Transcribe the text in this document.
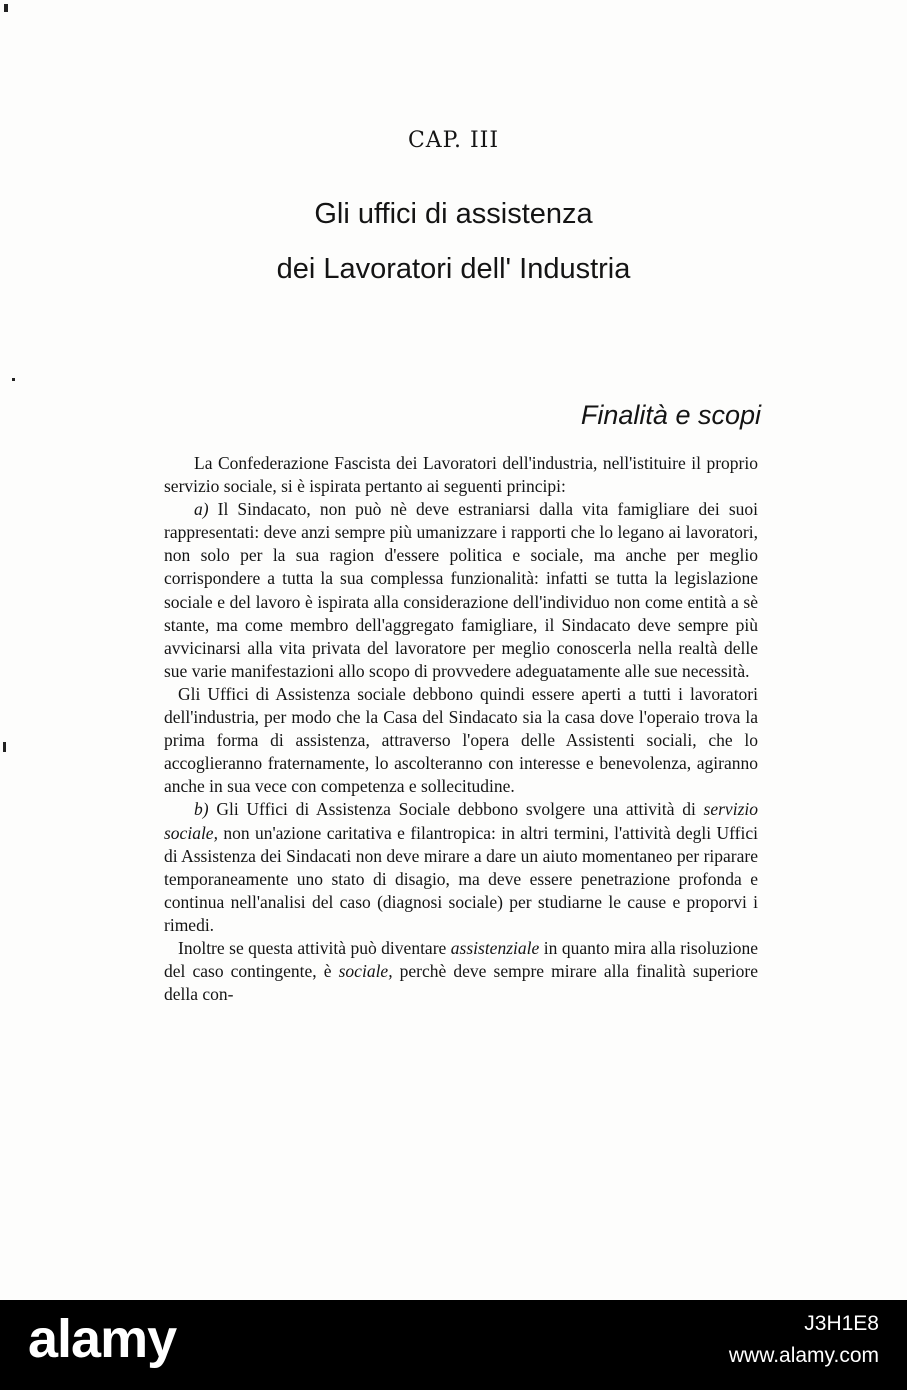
CAP. III
Gli uffici di assistenza
dei Lavoratori dell' Industria
Finalità e scopi

La Confederazione Fascista dei Lavoratori dell'industria, nell'istituire il proprio servizio sociale, si è ispirata pertanto ai seguenti principi:

a) Il Sindacato, non può nè deve estraniarsi dalla vita famigliare dei suoi rappresentati: deve anzi sempre più umanizzare i rapporti che lo legano ai lavoratori, non solo per la sua ragion d'essere politica e sociale, ma anche per meglio corrispondere a tutta la sua complessa funzionalità: infatti se tutta la legislazione sociale e del lavoro è ispirata alla considerazione dell'individuo non come entità a sè stante, ma come membro dell'aggregato famigliare, il Sindacato deve sempre più avvicinarsi alla vita privata del lavoratore per meglio conoscerla nella realtà delle sue varie manifestazioni allo scopo di provvedere adeguatamente alle sue necessità.

Gli Uffici di Assistenza sociale debbono quindi essere aperti a tutti i lavoratori dell'industria, per modo che la Casa del Sindacato sia la casa dove l'operaio trova la prima forma di assistenza, attraverso l'opera delle Assistenti sociali, che lo accoglieranno fraternamente, lo ascolteranno con interesse e benevolenza, agiranno anche in sua vece con competenza e sollecitudine.

b) Gli Uffici di Assistenza Sociale debbono svolgere una attività di servizio sociale, non un'azione caritativa e filantropica: in altri termini, l'attività degli Uffici di Assistenza dei Sindacati non deve mirare a dare un aiuto momentaneo per riparare temporaneamente uno stato di disagio, ma deve essere penetrazione profonda e continua nell'analisi del caso (diagnosi sociale) per studiarne le cause e proporvi i rimedi.

Inoltre se questa attività può diventare assistenziale in quanto mira alla risoluzione del caso contingente, è sociale, perchè deve sempre mirare alla finalità superiore della con-

alamy	J3H1E8
www.alamy.com
